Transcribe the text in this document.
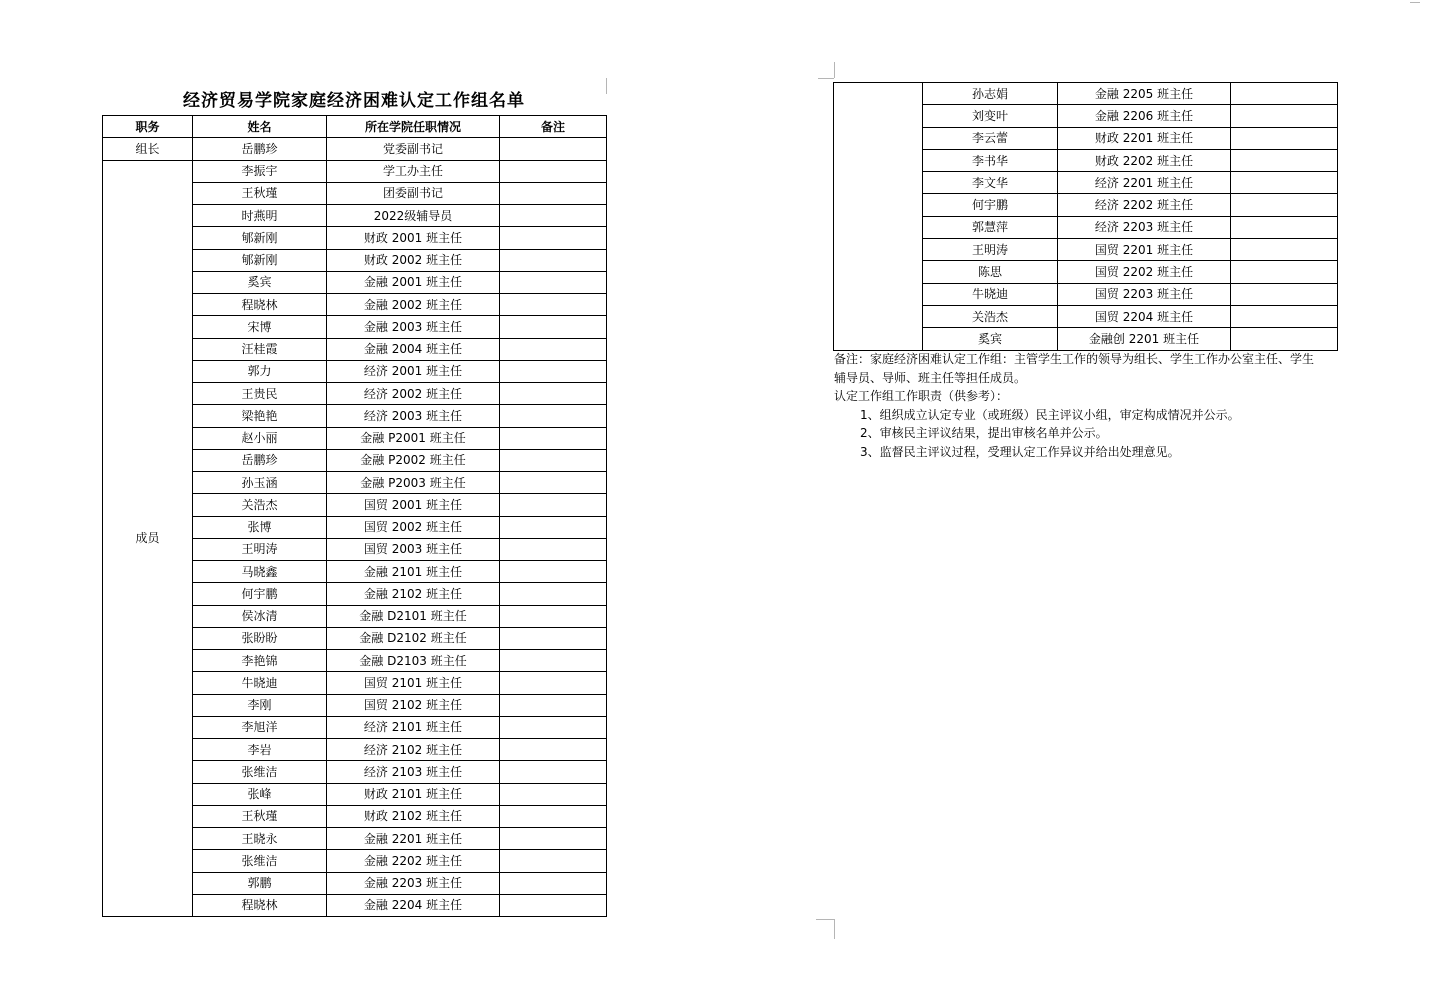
经济贸易学院家庭经济困难认定工作组名单
职务	姓名	所在学院任职情况	备注
组长	岳鹏珍	党委副书记	
成员	李振宇	学工办主任	
	王秋瑾	团委副书记	
	时燕明	2022级辅导员	
	郇新刚	财政 2001 班主任	
	郇新刚	财政 2002 班主任	
	奚宾	金融 2001 班主任	
	程晓林	金融 2002 班主任	
	宋博	金融 2003 班主任	
	汪桂霞	金融 2004 班主任	
	郭力	经济 2001 班主任	
	王贵民	经济 2002 班主任	
	梁艳艳	经济 2003 班主任	
	赵小丽	金融 P2001 班主任	
	岳鹏珍	金融 P2002 班主任	
	孙玉涵	金融 P2003 班主任	
	关浩杰	国贸 2001 班主任	
	张博	国贸 2002 班主任	
	王明涛	国贸 2003 班主任	
	马晓鑫	金融 2101 班主任	
	何宇鹏	金融 2102 班主任	
	侯冰清	金融 D2101 班主任	
	张盼盼	金融 D2102 班主任	
	李艳锦	金融 D2103 班主任	
	牛晓迪	国贸 2101 班主任	
	李刚	国贸 2102 班主任	
	李旭洋	经济 2101 班主任	
	李岩	经济 2102 班主任	
	张维洁	经济 2103 班主任	
	张峰	财政 2101 班主任	
	王秋瑾	财政 2102 班主任	
	王晓永	金融 2201 班主任	
	张维洁	金融 2202 班主任	
	郭鹏	金融 2203 班主任	
	程晓林	金融 2204 班主任	
	孙志娟	金融 2205 班主任	
	刘变叶	金融 2206 班主任	
	李云蕾	财政 2201 班主任	
	李书华	财政 2202 班主任	
	李文华	经济 2201 班主任	
	何宇鹏	经济 2202 班主任	
	郭慧萍	经济 2203 班主任	
	王明涛	国贸 2201 班主任	
	陈思	国贸 2202 班主任	
	牛晓迪	国贸 2203 班主任	
	关浩杰	国贸 2204 班主任	
	奚宾	金融创 2201 班主任	

备注：家庭经济困难认定工作组：主管学生工作的领导为组长、学生工作办公室主任、学生

辅导员、导师、班主任等担任成员。

认定工作组工作职责（供参考）：

1、组织成立认定专业（或班级）民主评议小组，审定构成情况并公示。

2、审核民主评议结果，提出审核名单并公示。

3、监督民主评议过程，受理认定工作异议并给出处理意见。
